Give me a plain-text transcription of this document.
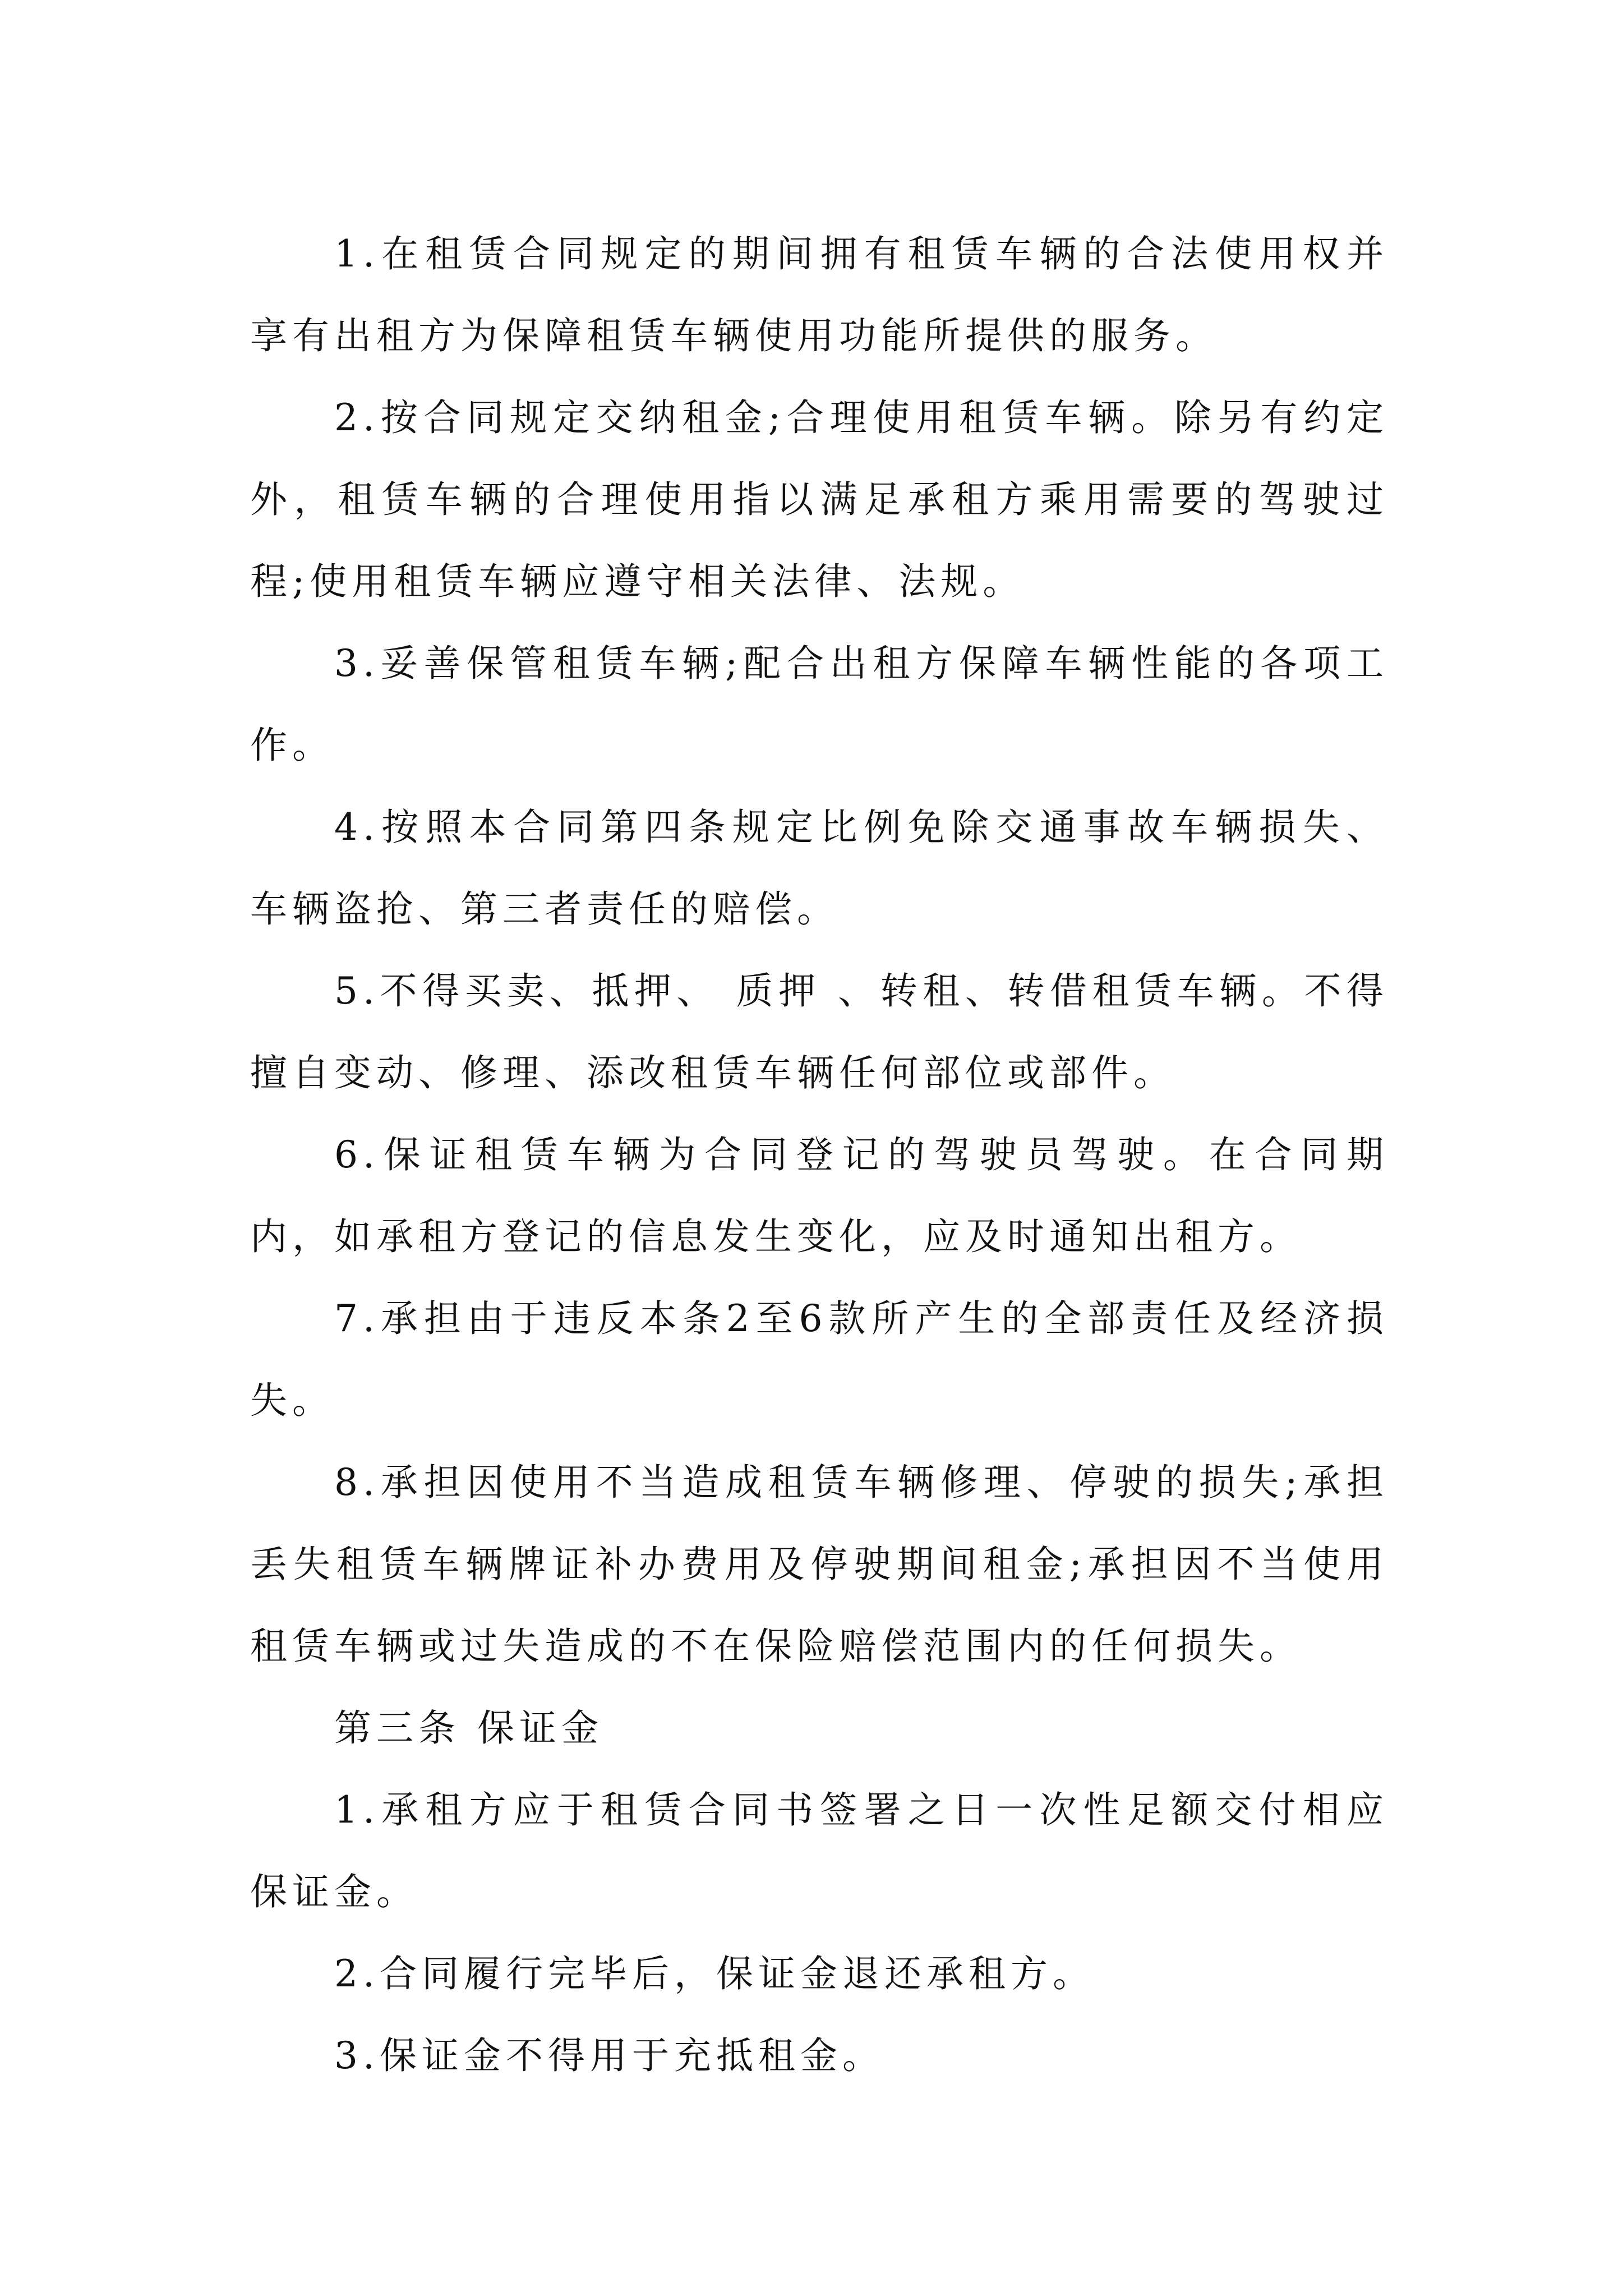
1.在租赁合同规定的期间拥有租赁车辆的合法使用权并享有出租方为保障租赁车辆使用功能所提供的服务。

2.按合同规定交纳租金;合理使用租赁车辆。除另有约定外，租赁车辆的合理使用指以满足承租方乘用需要的驾驶过程;使用租赁车辆应遵守相关法律、法规。

3.妥善保管租赁车辆;配合出租方保障车辆性能的各项工作。

4.按照本合同第四条规定比例免除交通事故车辆损失、车辆盗抢、第三者责任的赔偿。

5.不得买卖、抵押、 质押 、转租、转借租赁车辆。不得擅自变动、修理、添改租赁车辆任何部位或部件。

6.保证租赁车辆为合同登记的驾驶员驾驶。在合同期内，如承租方登记的信息发生变化，应及时通知出租方。

7.承担由于违反本条2至6款所产生的全部责任及经济损失。

8.承担因使用不当造成租赁车辆修理、停驶的损失;承担丢失租赁车辆牌证补办费用及停驶期间租金;承担因不当使用租赁车辆或过失造成的不在保险赔偿范围内的任何损失。

第三条 保证金

1.承租方应于租赁合同书签署之日一次性足额交付相应保证金。

2.合同履行完毕后，保证金退还承租方。

3.保证金不得用于充抵租金。
